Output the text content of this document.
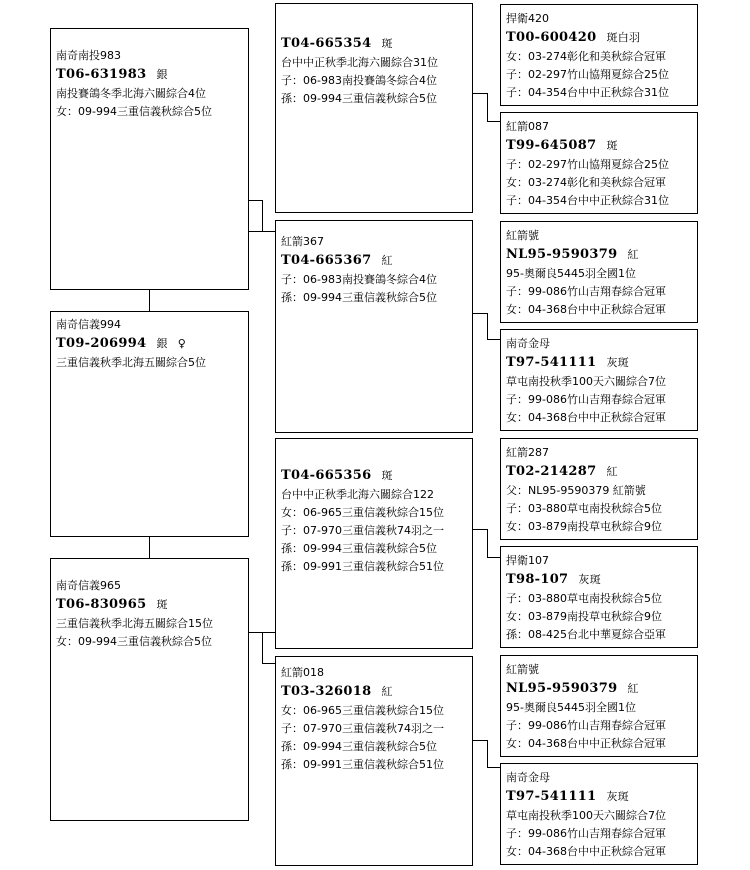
南奇南投983
T06-631983 銀
南投賽鴿冬季北海六關綜合4位
女：09-994三重信義秋綜合5位
南奇信義994
T09-206994 銀 ♀
三重信義秋季北海五關綜合5位
南奇信義965
T06-830965 斑
三重信義秋季北海五關綜合15位
女：09-994三重信義秋綜合5位
T04-665354 斑
台中中正秋季北海六關綜合31位
子：06-983南投賽鴿冬綜合4位
孫：09-994三重信義秋綜合5位
紅箭367
T04-665367 紅
子：06-983南投賽鴿冬綜合4位
孫：09-994三重信義秋綜合5位
T04-665356 斑
台中中正秋季北海六關綜合122
女：06-965三重信義秋綜合15位
子：07-970三重信義秋74羽之一
孫：09-994三重信義秋綜合5位
孫：09-991三重信義秋綜合51位
紅箭018
T03-326018 紅
女：06-965三重信義秋綜合15位
子：07-970三重信義秋74羽之一
孫：09-994三重信義秋綜合5位
孫：09-991三重信義秋綜合51位
捍衛420
T00-600420 斑白羽
女：03-274彰化和美秋綜合冠軍
子：02-297竹山協翔夏綜合25位
子：04-354台中中正秋綜合31位
紅箭087
T99-645087 斑
子：02-297竹山協翔夏綜合25位
女：03-274彰化和美秋綜合冠軍
子：04-354台中中正秋綜合31位
紅箭號
NL95-9590379 紅
95-奧爾良5445羽全國1位
子：99-086竹山吉翔春綜合冠軍
女：04-368台中中正秋綜合冠軍
南奇金母
T97-541111 灰斑
草屯南投秋季100天六關綜合7位
子：99-086竹山吉翔春綜合冠軍
女：04-368台中中正秋綜合冠軍
紅箭287
T02-214287 紅
父：NL95-9590379 紅箭號
子：03-880草屯南投秋綜合5位
女：03-879南投草屯秋綜合9位
捍衛107
T98-107 灰斑
子：03-880草屯南投秋綜合5位
女：03-879南投草屯秋綜合9位
孫：08-425台北中華夏綜合亞軍
紅箭號
NL95-9590379 紅
95-奧爾良5445羽全國1位
子：99-086竹山吉翔春綜合冠軍
女：04-368台中中正秋綜合冠軍
南奇金母
T97-541111 灰斑
草屯南投秋季100天六關綜合7位
子：99-086竹山吉翔春綜合冠軍
女：04-368台中中正秋綜合冠軍
